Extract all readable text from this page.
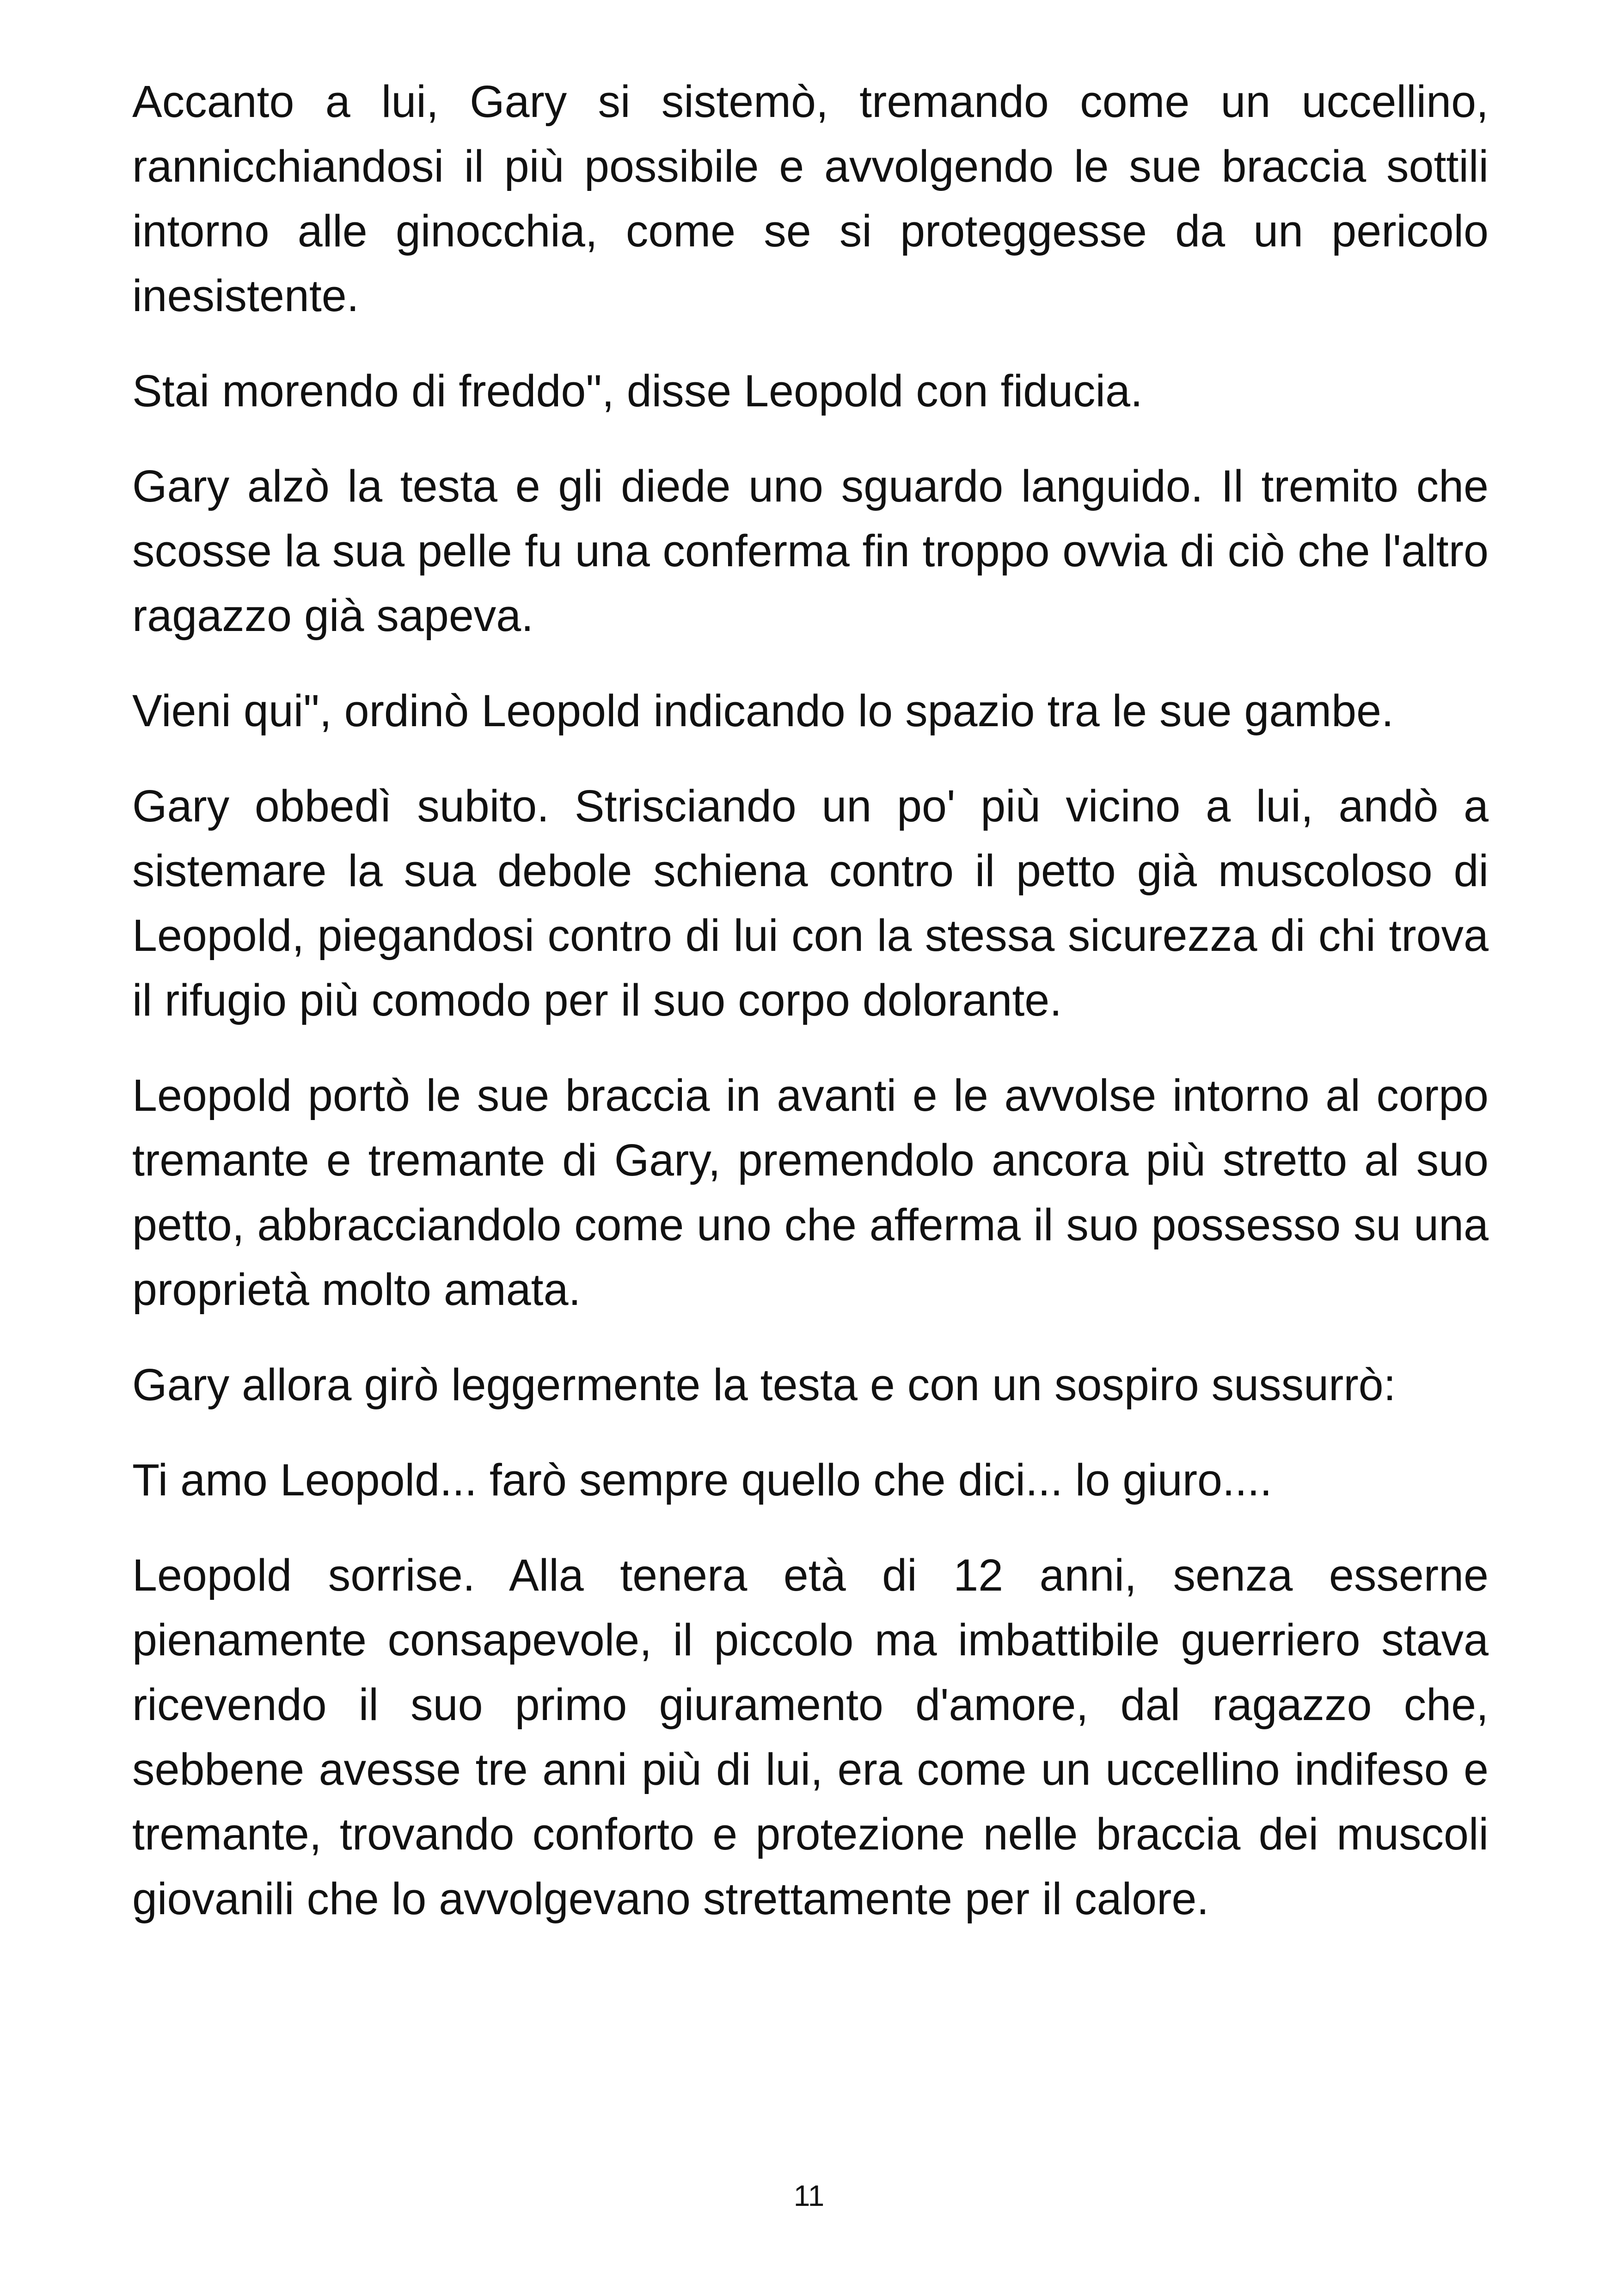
Accanto a lui, Gary si sistemò, tremando come un uccellino, rannicchiandosi il più possibile e avvolgendo le sue braccia sottili intorno alle ginocchia, come se si proteggesse da un pericolo inesistente.

Stai morendo di freddo", disse Leopold con fiducia.

Gary alzò la testa e gli diede uno sguardo languido. Il tremito che scosse la sua pelle fu una conferma fin troppo ovvia di ciò che l'altro ragazzo già sapeva.

Vieni qui", ordinò Leopold indicando lo spazio tra le sue gambe.

Gary obbedì subito. Strisciando un po' più vicino a lui, andò a sistemare la sua debole schiena contro il petto già muscoloso di Leopold, piegandosi contro di lui con la stessa sicurezza di chi trova il rifugio più comodo per il suo corpo dolorante.

Leopold portò le sue braccia in avanti e le avvolse intorno al corpo tremante e tremante di Gary, premendolo ancora più stretto al suo petto, abbracciandolo come uno che afferma il suo possesso su una proprietà molto amata.

Gary allora girò leggermente la testa e con un sospiro sussurrò:

Ti amo Leopold... farò sempre quello che dici... lo giuro....

Leopold sorrise. Alla tenera età di 12 anni, senza esserne pienamente consapevole, il piccolo ma imbattibile guerriero stava ricevendo il suo primo giuramento d'amore, dal ragazzo che, sebbene avesse tre anni più di lui, era come un uccellino indifeso e tremante, trovando conforto e protezione nelle braccia dei muscoli giovanili che lo avvolgevano strettamente per il calore.

11
